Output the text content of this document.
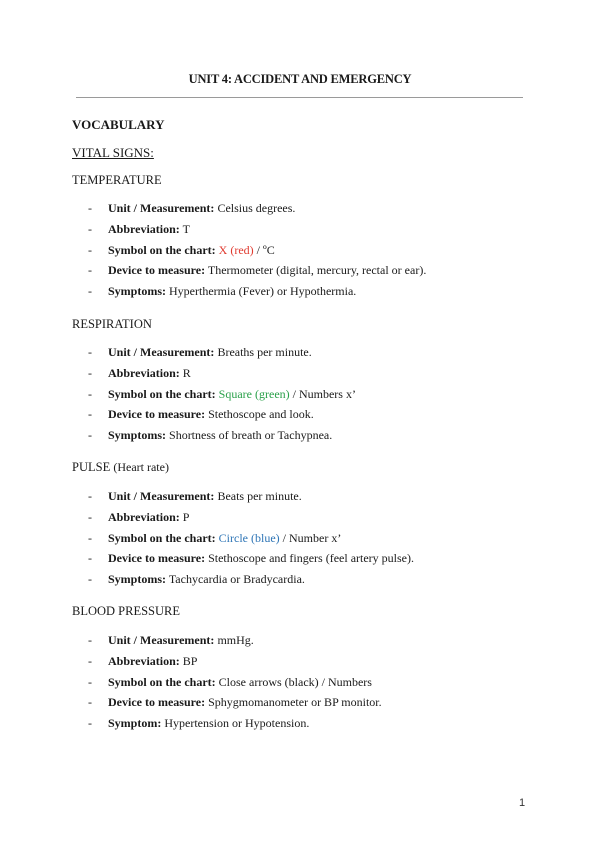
UNIT 4: ACCIDENT AND EMERGENCY
VOCABULARY
VITAL SIGNS:
TEMPERATURE
- Unit / Measurement: Celsius degrees.
- Abbreviation: T
- Symbol on the chart: X (red) / ºC
- Device to measure: Thermometer (digital, mercury, rectal or ear).
- Symptoms: Hyperthermia (Fever) or Hypothermia.
RESPIRATION
- Unit / Measurement: Breaths per minute.
- Abbreviation: R
- Symbol on the chart: Square (green) / Numbers x’
- Device to measure: Stethoscope and look.
- Symptoms: Shortness of breath or Tachypnea.
PULSE (Heart rate)
- Unit / Measurement: Beats per minute.
- Abbreviation: P
- Symbol on the chart: Circle (blue) / Number x’
- Device to measure: Stethoscope and fingers (feel artery pulse).
- Symptoms: Tachycardia or Bradycardia.
BLOOD PRESSURE
- Unit / Measurement: mmHg.
- Abbreviation: BP
- Symbol on the chart: Close arrows (black) / Numbers
- Device to measure: Sphygmomanometer or BP monitor.
- Symptom: Hypertension or Hypotension.
1
